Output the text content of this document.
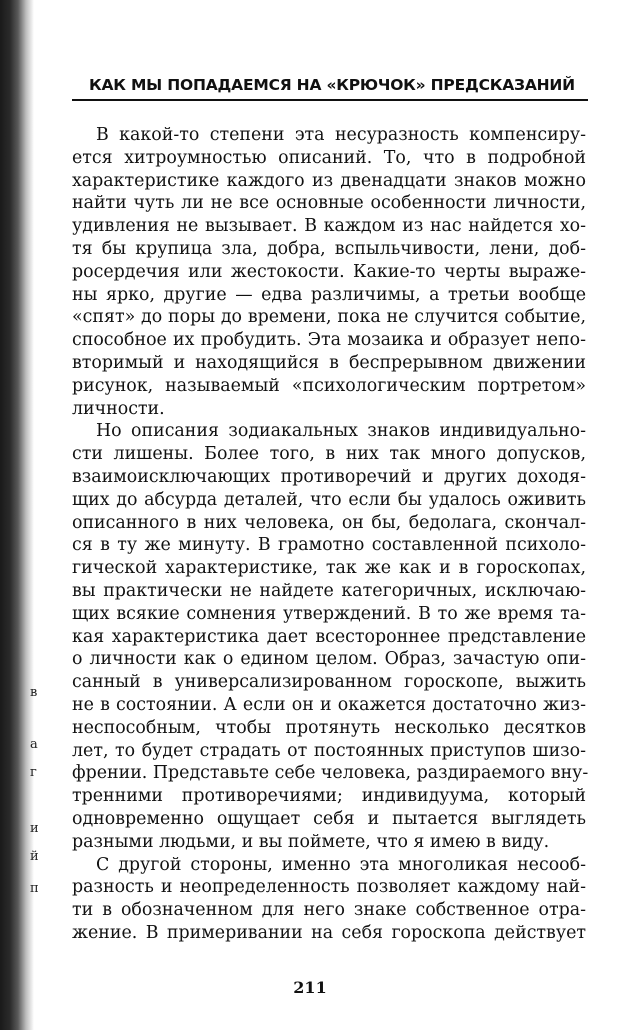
в
а
г
и
й
п
КАК МЫ ПОПАДАЕМСЯ НА «КРЮЧОК» ПРЕДСКАЗАНИЙ
В какой-то степени эта несуразность компенсиру-
ется хитроумностью описаний. То, что в подробной
характеристике каждого из двенадцати знаков можно
найти чуть ли не все основные особенности личности,
удивления не вызывает. В каждом из нас найдется хо-
тя бы крупица зла, добра, вспыльчивости, лени, доб-
росердечия или жестокости. Какие-то черты выраже-
ны ярко, другие — едва различимы, а третьи вообще
«спят» до поры до времени, пока не случится событие,
способное их пробудить. Эта мозаика и образует непо-
вторимый и находящийся в беспрерывном движении
рисунок, называемый «психологическим портретом»
личности.
Но описания зодиакальных знаков индивидуально-
сти лишены. Более того, в них так много допусков,
взаимоисключающих противоречий и других доходя-
щих до абсурда деталей, что если бы удалось оживить
описанного в них человека, он бы, бедолага, скончал-
ся в ту же минуту. В грамотно составленной психоло-
гической характеристике, так же как и в гороскопах,
вы практически не найдете категоричных, исключаю-
щих всякие сомнения утверждений. В то же время та-
кая характеристика дает всестороннее представление
о личности как о едином целом. Образ, зачастую опи-
санный в универсализированном гороскопе, выжить
не в состоянии. А если он и окажется достаточно жиз-
неспособным, чтобы протянуть несколько десятков
лет, то будет страдать от постоянных приступов шизо-
френии. Представьте себе человека, раздираемого вну-
тренними противоречиями; индивидуума, который
одновременно ощущает себя и пытается выглядеть
разными людьми, и вы поймете, что я имею в виду.
С другой стороны, именно эта многоликая несооб-
разность и неопределенность позволяет каждому най-
ти в обозначенном для него знаке собственное отра-
жение. В примеривании на себя гороскопа действует
211
